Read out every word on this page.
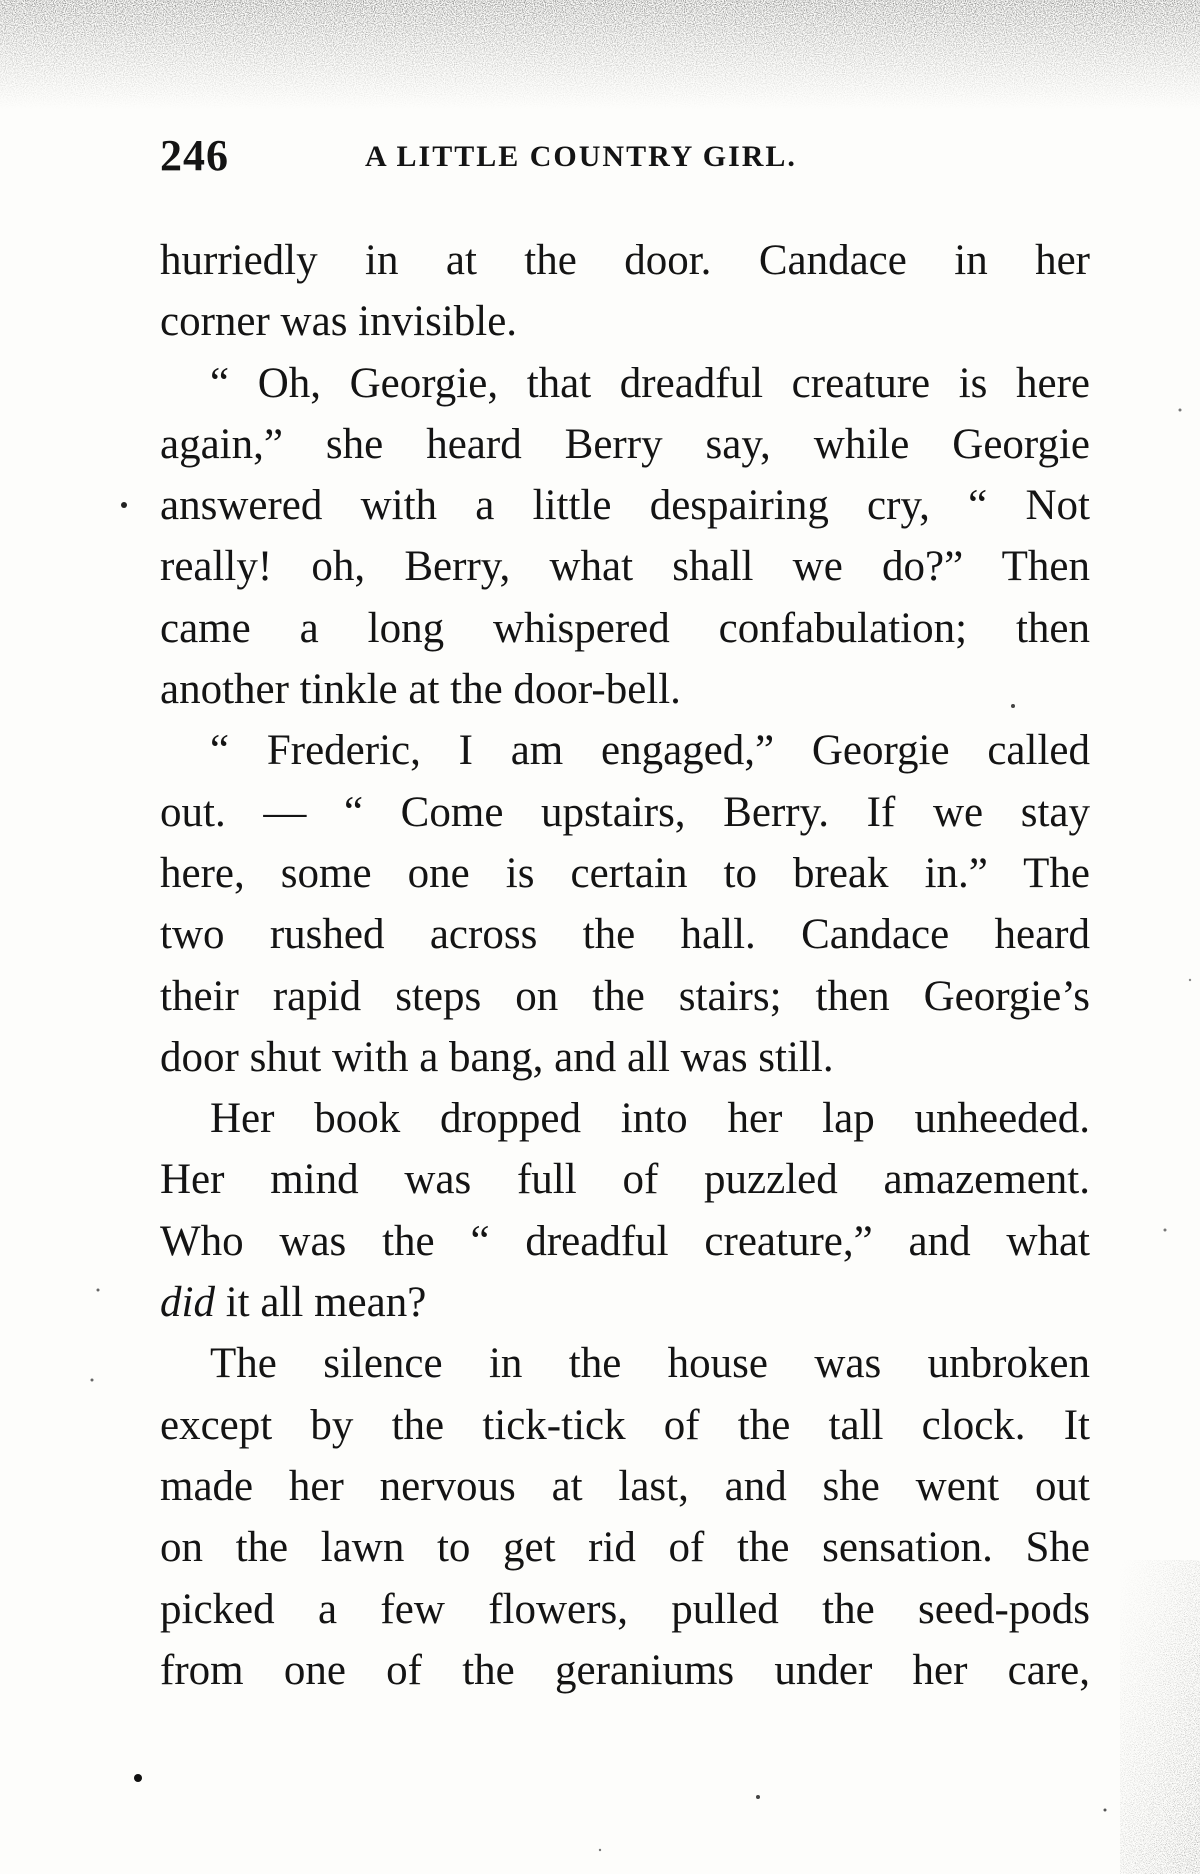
246	A LITTLE COUNTRY GIRL.
hurriedly in at the door. Candace in her
corner was invisible.
“ Oh, Georgie, that dreadful creature is here
again,” she heard Berry say, while Georgie
answered with a little despairing cry, “ Not
really! oh, Berry, what shall we do?” Then
came a long whispered confabulation; then
another tinkle at the door-bell.
“ Frederic, I am engaged,” Georgie called
out. — “ Come upstairs, Berry. If we stay
here, some one is certain to break in.” The
two rushed across the hall. Candace heard
their rapid steps on the stairs; then Georgie’s
door shut with a bang, and all was still.
Her book dropped into her lap unheeded.
Her mind was full of puzzled amazement.
Who was the “ dreadful creature,” and what
did it all mean?
The silence in the house was unbroken
except by the tick-tick of the tall clock. It
made her nervous at last, and she went out
on the lawn to get rid of the sensation. She
picked a few flowers, pulled the seed-pods
from one of the geraniums under her care,
